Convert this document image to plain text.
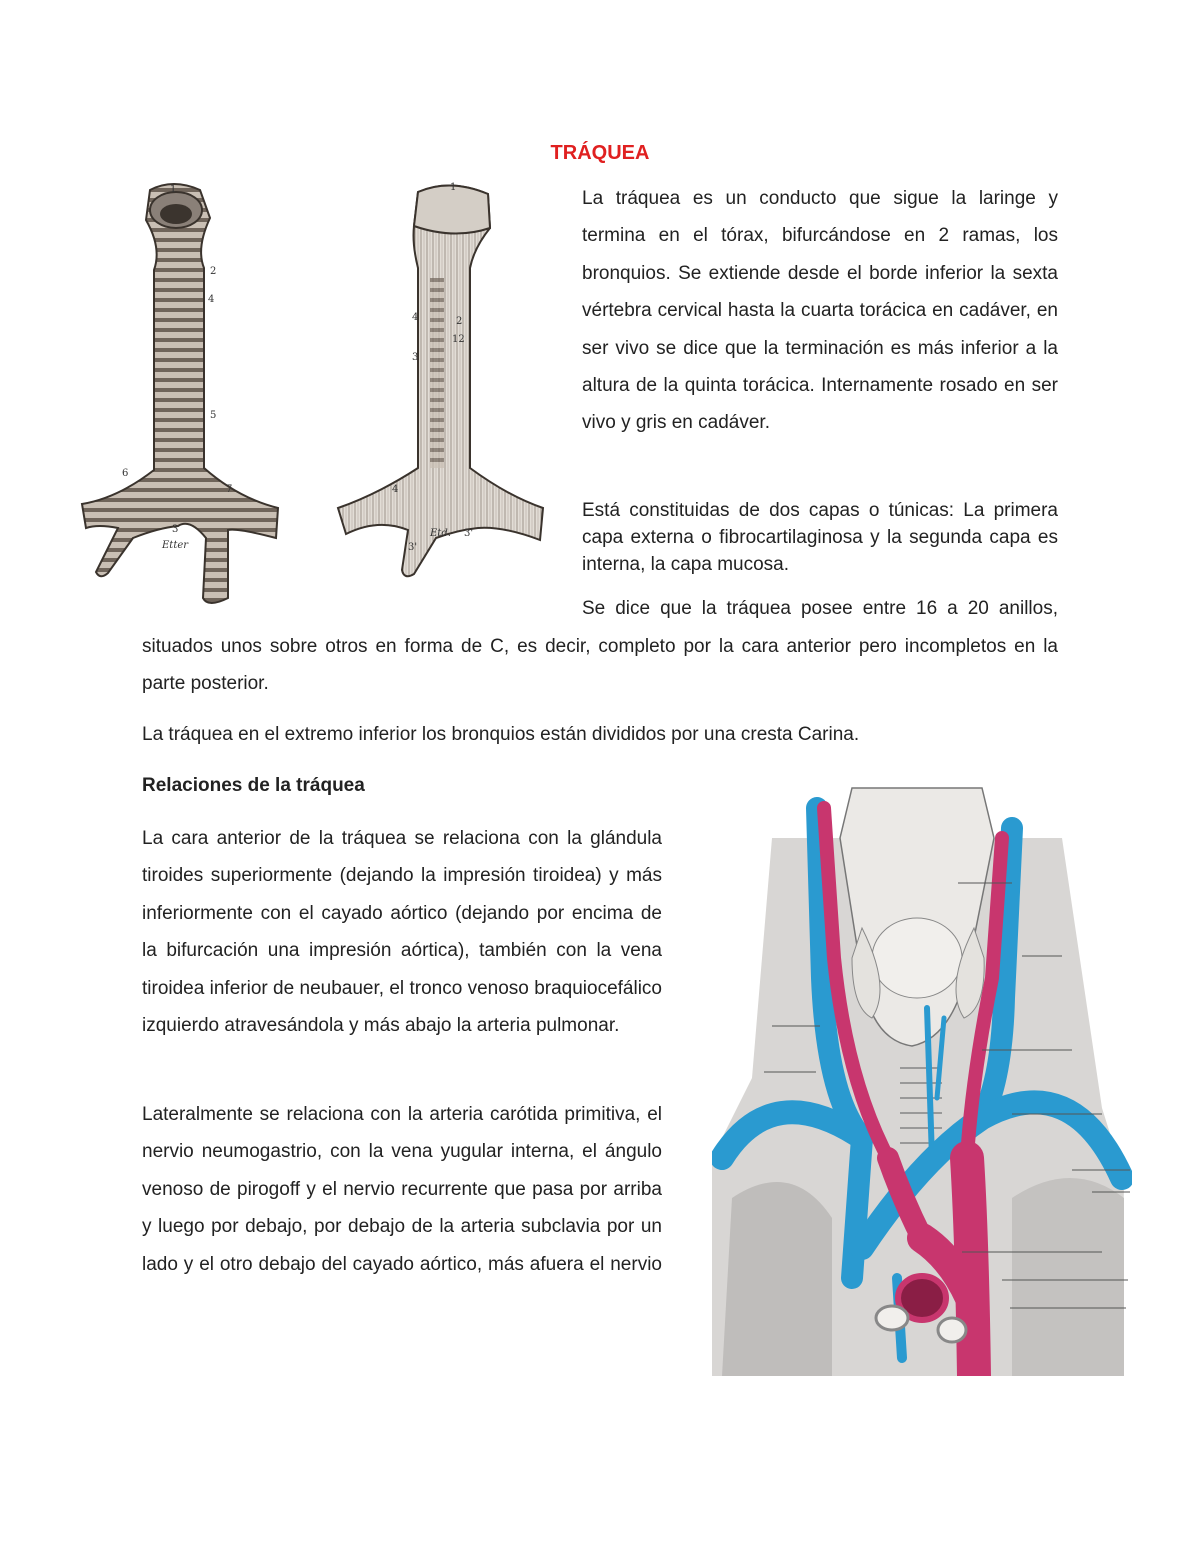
TRÁQUEA
1
2
4
5
6
7
3
Etter
1
4	2
12
3
4
3'
3'
Etd.

La tráquea es un conducto que sigue la laringe y termina en el tórax, bifurcándose en 2 ramas, los bronquios. Se extiende desde el borde inferior la sexta vértebra cervical hasta la cuarta torácica en cadáver, en ser vivo se dice que la terminación es más inferior a la altura de la quinta torácica. Internamente rosado en ser vivo y gris en cadáver.

Está constituidas de dos capas o túnicas: La primera capa externa o fibrocartilaginosa y la segunda capa es interna, la capa mucosa.

Se dice que la tráquea posee entre 16 a 20 anillos, situados unos sobre otros en forma de C, es decir, completo por la cara anterior pero incompletos en la parte posterior.

La tráquea en el extremo inferior los bronquios están divididos por una cresta Carina.

Relaciones de la tráquea

La cara anterior de la tráquea se relaciona con la glándula tiroides superiormente (dejando la impresión tiroidea) y más inferiormente con el cayado aórtico (dejando por encima de la bifurcación una impresión aórtica), también con la vena tiroidea inferior de neubauer, el tronco venoso braquiocefálico izquierdo atravesándola y más abajo la arteria pulmonar.

Lateralmente se relaciona con la arteria carótida primitiva, el nervio neumogastrio, con la vena yugular interna, el ángulo venoso de pirogoff y el nervio recurrente que pasa por arriba y luego por debajo, por debajo de la arteria subclavia por un lado y el otro debajo del cayado aórtico, más afuera el nervio
